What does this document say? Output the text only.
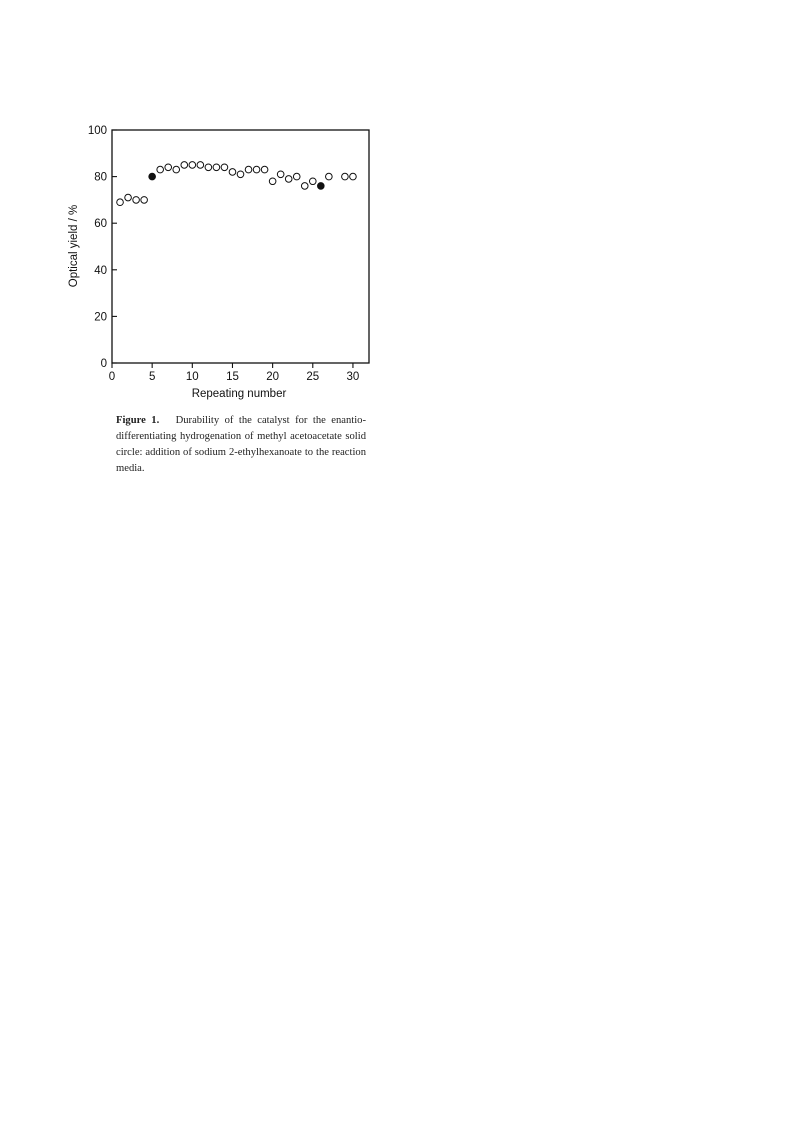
0	5	10 15 20 25 30
0
20
40
60
80
100
Repeating number
Optical yield / %
Figure 1. Durability of the catalyst for the enantio-differentiating hydrogenation of methyl acetoacetate solid circle: addition of sodium 2-ethylhexanoate to the reaction media.
